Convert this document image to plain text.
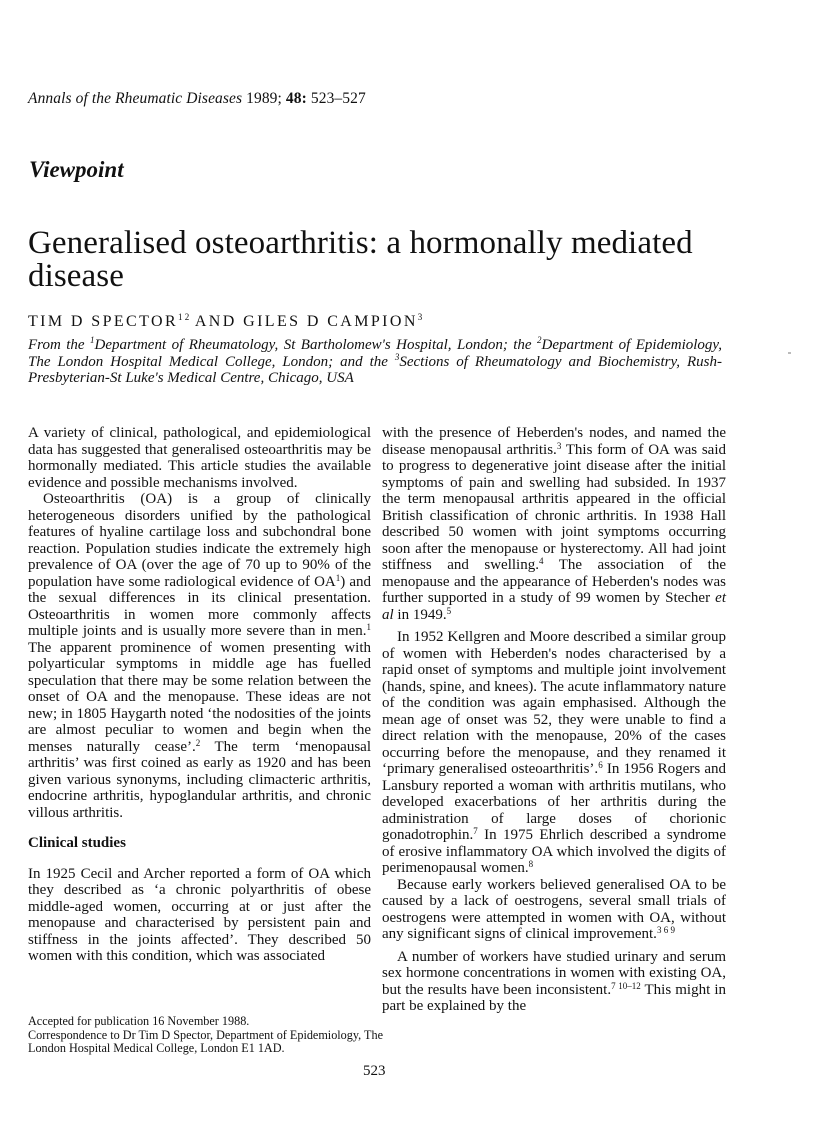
Annals of the Rheumatic Diseases 1989; 48: 523–527
Viewpoint
Generalised osteoarthritis: a hormonally mediated disease
TIM D $SPECTOR^{1 2}$ AND GILES D CAMPION$^3$
From the $^1$Department of Rheumatology, St Bartholomew's Hospital, London; the $^2$Department of Epidemiology, The London Hospital Medical College, London; and the $^3$Sections of Rheumatology and Biochemistry, Rush-Presbyterian-St Luke's Medical Centre, Chicago, USA

A variety of clinical, pathological, and epidemiological data has suggested that generalised osteoarthritis may be hormonally mediated. This article studies the available evidence and possible mechanisms involved.

Osteoarthritis (OA) is a group of clinically heterogeneous disorders unified by the pathological features of hyaline cartilage loss and subchondral bone reaction. Population studies indicate the extremely high prevalence of OA (over the age of 70 up to 90% of the population have some radiological evidence of $OA^1$) and the sexual differences in its clinical presentation. Osteoarthritis in women more commonly affects multiple joints and is usually more severe than in men.$^1$ The apparent prominence of women presenting with polyarticular symptoms in middle age has fuelled speculation that there may be some relation between the onset of OA and the menopause. These ideas are not new; in 1805 Haygarth noted ‘the nodosities of the joints are almost peculiar to women and begin when the menses naturally cease’.$^2$ The term ‘menopausal arthritis’ was first coined as early as 1920 and has been given various synonyms, including climacteric arthritis, endocrine arthritis, hypoglandular arthritis, and chronic villous arthritis.

Clinical studies

In 1925 Cecil and Archer reported a form of OA which they described as ‘a chronic polyarthritis of obese middle-aged women, occurring at or just after the menopause and characterised by persistent pain and stiffness in the joints affected’. They described 50 women with this condition, which was associated

with the presence of Heberden's nodes, and named the disease menopausal arthritis.$^3$ This form of OA was said to progress to degenerative joint disease after the initial symptoms of pain and swelling had subsided. In 1937 the term menopausal arthritis appeared in the official British classification of chronic arthritis. In 1938 Hall described 50 women with joint symptoms occurring soon after the menopause or hysterectomy. All had joint stiffness and swelling.$^4$ The association of the menopause and the appearance of Heberden's nodes was further supported in a study of 99 women by Stecher et al in 1949.$^5$

In 1952 Kellgren and Moore described a similar group of women with Heberden's nodes characterised by a rapid onset of symptoms and multiple joint involvement (hands, spine, and knees). The acute inflammatory nature of the condition was again emphasised. Although the mean age of onset was 52, they were unable to find a direct relation with the menopause, 20% of the cases occurring before the menopause, and they renamed it ‘primary generalised osteoarthritis’.$^6$ In 1956 Rogers and Lansbury reported a woman with arthritis mutilans, who developed exacerbations of her arthritis during the administration of large doses of chorionic gonadotrophin.$^7$ In 1975 Ehrlich described a syndrome of erosive inflammatory OA which involved the digits of perimenopausal women.$^8$

Because early workers believed generalised OA to be caused by a lack of oestrogens, several small trials of oestrogens were attempted in women with OA, without any significant signs of clinical improvement.$^{3 6 9}$

A number of workers have studied urinary and serum sex hormone concentrations in women with existing OA, but the results have been inconsistent.$^{7 10-12}$ This might in part be explained by the

Accepted for publication 16 November 1988.

Correspondence to Dr Tim D Spector, Department of Epidemiology, The London Hospital Medical College, London E1 1AD.

523
